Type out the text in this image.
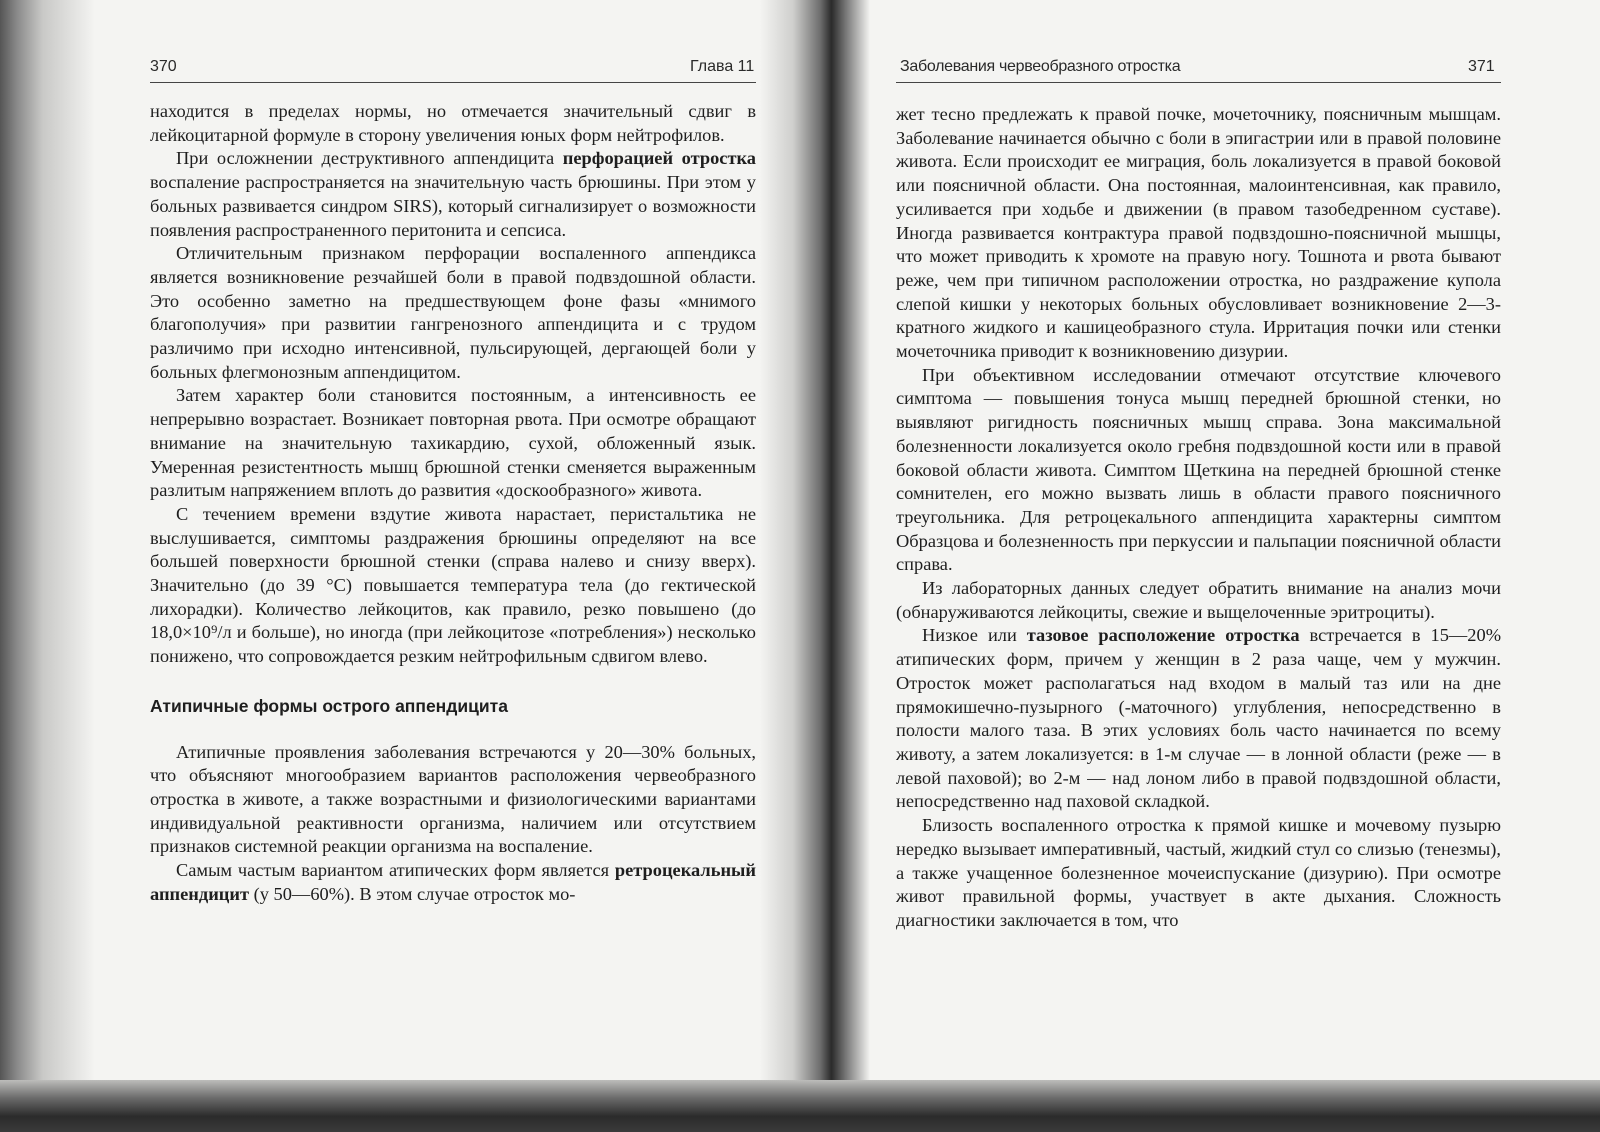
370	Глава 11

находится в пределах нормы, но отмечается значительный сдвиг в лейкоцитарной формуле в сторону увеличения юных форм нейтрофилов.

При осложнении деструктивного аппендицита перфорацией отростка воспаление распространяется на значительную часть брюшины. При этом у больных развивается синдром SIRS), который сигнализирует о возможности появления распространенного перитонита и сепсиса.

Отличительным признаком перфорации воспаленного аппендикса является возникновение резчайшей боли в правой подвздошной области. Это особенно заметно на предшествующем фоне фазы «мнимого благополучия» при развитии гангренозного аппендицита и с трудом различимо при исходно интенсивной, пульсирующей, дергающей боли у больных флегмонозным аппендицитом.

Затем характер боли становится постоянным, а интенсивность ее непрерывно возрастает. Возникает повторная рвота. При осмотре обращают внимание на значительную тахикардию, сухой, обложенный язык. Умеренная резистентность мышц брюшной стенки сменяется выраженным разлитым напряжением вплоть до развития «доскообразного» живота.

С течением времени вздутие живота нарастает, перистальтика не выслушивается, симптомы раздражения брюшины определяют на все большей поверхности брюшной стенки (справа налево и снизу вверх). Значительно (до 39 °С) повышается температура тела (до гектической лихорадки). Количество лейкоцитов, как правило, резко повышено (до 18,0×10⁹/л и больше), но иногда (при лейкоцитозе «потребления») несколько понижено, что сопровождается резким нейтрофильным сдвигом влево.

Атипичные формы острого аппендицита

Атипичные проявления заболевания встречаются у 20—30% больных, что объясняют многообразием вариантов расположения червеобразного отростка в животе, а также возрастными и физиологическими вариантами индивидуальной реактивности организма, наличием или отсутствием признаков системной реакции организма на воспаление.

Самым частым вариантом атипических форм является ретроцекальный аппендицит (у 50—60%). В этом случае отросток мо-

Заболевания червеобразного отростка	371

жет тесно предлежать к правой почке, мочеточнику, поясничным мышцам. Заболевание начинается обычно с боли в эпигастрии или в правой половине живота. Если происходит ее миграция, боль локализуется в правой боковой или поясничной области. Она постоянная, малоинтенсивная, как правило, усиливается при ходьбе и движении (в правом тазобедренном суставе). Иногда развивается контрактура правой подвздошно-поясничной мышцы, что может приводить к хромоте на правую ногу. Тошнота и рвота бывают реже, чем при типичном расположении отростка, но раздражение купола слепой кишки у некоторых больных обусловливает возникновение 2—3-кратного жидкого и кашицеобразного стула. Ирритация почки или стенки мочеточника приводит к возникновению дизурии.

При объективном исследовании отмечают отсутствие ключевого симптома — повышения тонуса мышц передней брюшной стенки, но выявляют ригидность поясничных мышц справа. Зона максимальной болезненности локализуется около гребня подвздошной кости или в правой боковой области живота. Симптом Щеткина на передней брюшной стенке сомнителен, его можно вызвать лишь в области правого поясничного треугольника. Для ретроцекального аппендицита характерны симптом Образцова и болезненность при перкуссии и пальпации поясничной области справа.

Из лабораторных данных следует обратить внимание на анализ мочи (обнаруживаются лейкоциты, свежие и выщелоченные эритроциты).

Низкое или тазовое расположение отростка встречается в 15—20% атипических форм, причем у женщин в 2 раза чаще, чем у мужчин. Отросток может располагаться над входом в малый таз или на дне прямокишечно-пузырного (-маточного) углубления, непосредственно в полости малого таза. В этих условиях боль часто начинается по всему животу, а затем локализуется: в 1-м случае — в лонной области (реже — в левой паховой); во 2-м — над лоном либо в правой подвздошной области, непосредственно над паховой складкой.

Близость воспаленного отростка к прямой кишке и мочевому пузырю нередко вызывает императивный, частый, жидкий стул со слизью (тенезмы), а также учащенное болезненное мочеиспускание (дизурию). При осмотре живот правильной формы, участвует в акте дыхания. Сложность диагностики заключается в том, что
